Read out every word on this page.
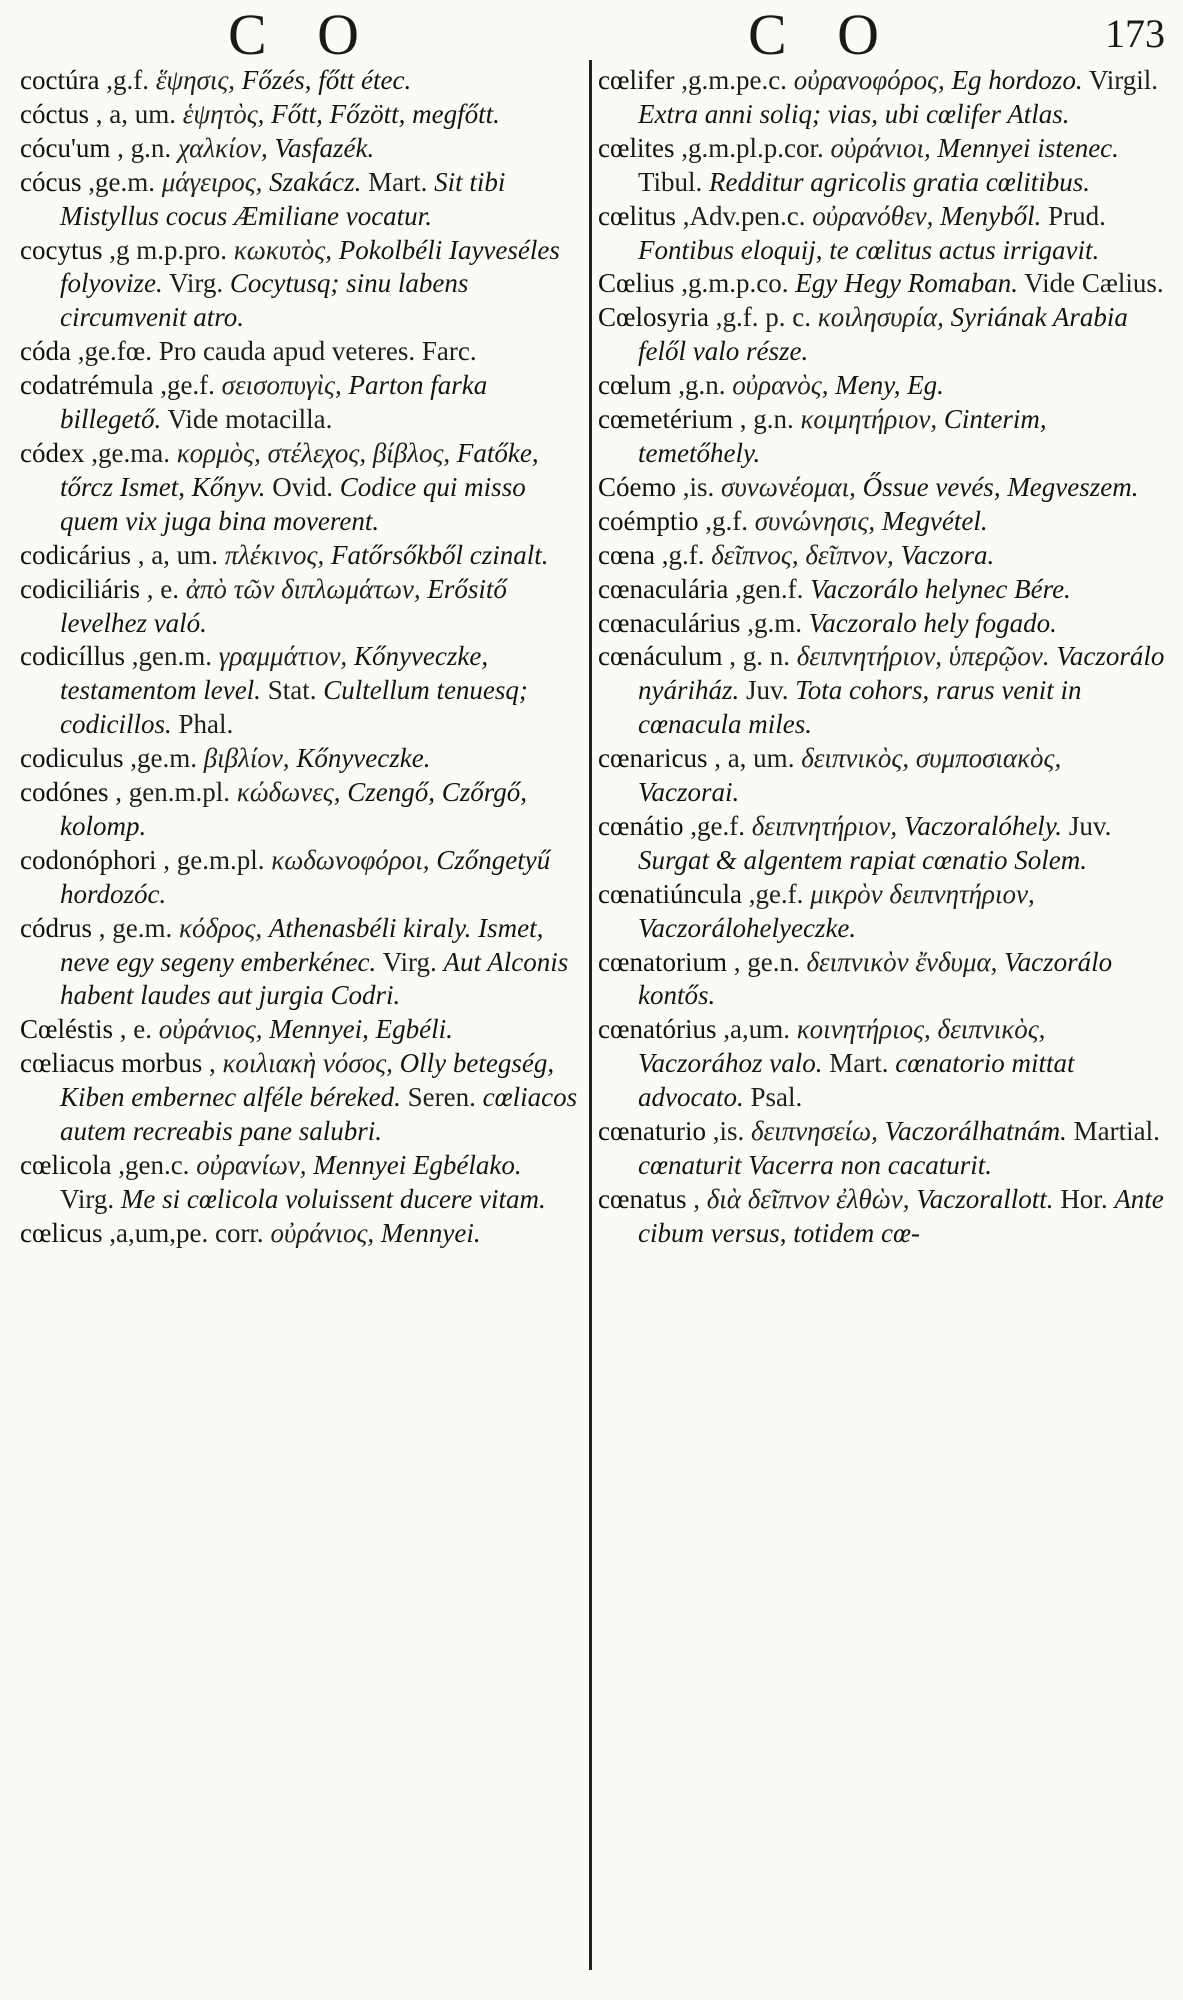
C O	C O	173

coctúra ,g.f. ἕψησις, Főzés, főtt étec.

cóctus , a, um. ἑψητὸς, Főtt, Főzött, megfőtt.

cócu'um , g.n. χαλκίον, Vasfazék.

cócus ,ge.m. μάγειρος, Szakácz. Mart. Sit tibi Mistyllus cocus Æmiliane vocatur.

cocytus ,g m.p.pro. κωκυτὸς, Pokolbéli Iayveséles folyovize. Virg. Cocytusq; sinu labens circumvenit atro.

códa ,ge.fœ. Pro cauda apud veteres. Farc.

codatrémula ,ge.f. σεισοπυγὶς, Parton farka billegető. Vide motacilla.

códex ,ge.ma. κορμὸς, στέλεχος, βίβλος, Fatőke, tőrcz Ismet, Kőnyv. Ovid. Codice qui misso quem vix juga bina moverent.

codicárius , a, um. πλέκινος, Fatőrsőkből czinalt.

codiciliáris , e. ἀπὸ τῶν διπλωμάτων, Erősitő levelhez való.

codicíllus ,gen.m. γραμμάτιον, Kőnyveczke, testamentom level. Stat. Cultellum tenuesq; codicillos. Phal.

codiculus ,ge.m. βιβλίον, Kőnyveczke.

codónes , gen.m.pl. κώδωνες, Czengő, Czőrgő, kolomp.

codonóphori , ge.m.pl. κωδωνοφόροι, Czőngetyű hordozóc.

códrus , ge.m. κόδρος, Athenasbéli kiraly. Ismet, neve egy segeny emberkénec. Virg. Aut Alconis habent laudes aut jurgia Codri.

Cœléstis , e. οὐράνιος, Mennyei, Egbéli.

cœliacus morbus , κοιλιακὴ νόσος, Olly betegség, Kiben embernec alféle béreked. Seren. cœliacos autem recreabis pane salubri.

cœlicola ,gen.c. οὐρανίων, Mennyei Egbélako. Virg. Me si cœlicola voluissent ducere vitam.

cœlicus ,a,um,pe. corr. οὐράνιος, Mennyei.

cœlifer ,g.m.pe.c. οὐρανοφόρος, Eg hordozo. Virgil. Extra anni soliq; vias, ubi cœlifer Atlas.

cœlites ,g.m.pl.p.cor. οὐράνιοι, Mennyei istenec. Tibul. Redditur agricolis gratia cœlitibus.

cœlitus ,Adv.pen.c. οὐρανόθεν, Menyből. Prud. Fontibus eloquij, te cœlitus actus irrigavit.

Cœlius ,g.m.p.co. Egy Hegy Romaban. Vide Cælius.

Cœlosyria ,g.f. p. c. κοιλησυρία, Syriának Arabia felől valo része.

cœlum ,g.n. οὐρανὸς, Meny, Eg.

cœmetérium , g.n. κοιμητήριον, Cinterim, temetőhely.

Cóemo ,is. συνωνέομαι, Őssue vevés, Megveszem.

coémptio ,g.f. συνώνησις, Megvétel.

cœna ,g.f. δεῖπνος, δεῖπνον, Vaczora.

cœnaculária ,gen.f. Vaczorálo helynec Bére.

cœnaculárius ,g.m. Vaczoralo hely fogado.

cœnáculum , g. n. δειπνητήριον, ὑπερῷον. Vaczorálo nyáriház. Juv. Tota cohors, rarus venit in cœnacula miles.

cœnaricus , a, um. δειπνικὸς, συμποσιακὸς, Vaczorai.

cœnátio ,ge.f. δειπνητήριον, Vaczoralóhely. Juv. Surgat & algentem rapiat cœnatio Solem.

cœnatiúncula ,ge.f. μικρὸν δειπνητήριον, Vaczorálohelyeczke.

cœnatorium , ge.n. δειπνικὸν ἔνδυμα, Vaczorálo kontős.

cœnatórius ,a,um. κοινητήριος, δειπνικὸς, Vaczorához valo. Mart. cœnatorio mittat advocato. Psal.

cœnaturio ,is. δειπνησείω, Vaczorálhatnám. Martial. cœnaturit Vacerra non cacaturit.

cœnatus , διὰ δεῖπνον ἐλθὼν, Vaczorallott. Hor. Ante cibum versus, totidem cœ-
